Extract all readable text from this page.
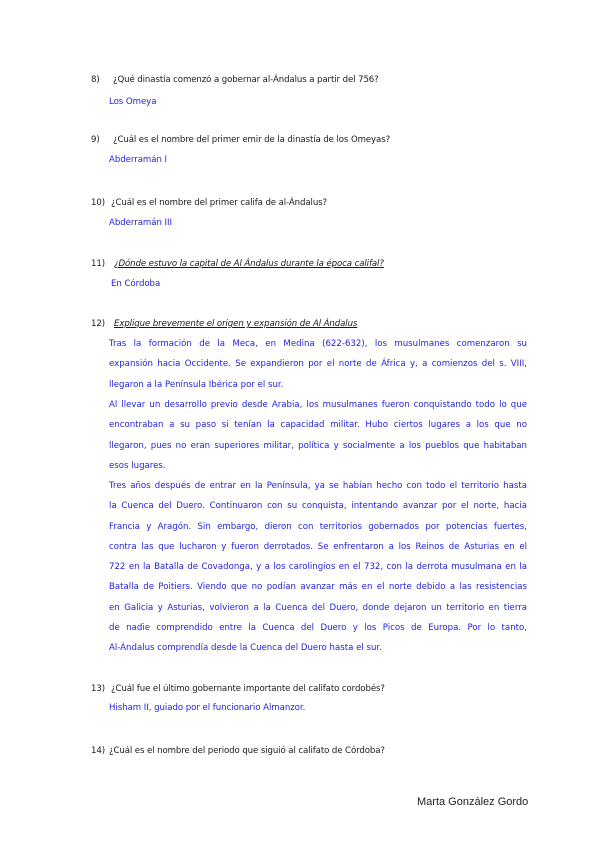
8) ¿Qué dinastía comenzó a gobernar al-Ándalus a partir del 756?
Los Omeya
9) ¿Cuál es el nombre del primer emir de la dinastía de los Omeyas?
Abderramán I
10) ¿Cuál es el nombre del primer califa de al-Ándalus?
Abderramán III
11) ¿Dónde estuvo la capital de Al Ándalus durante la época califal?
En Córdoba
12) Explique brevemente el origen y expansión de Al Ándalus
Tras la formación de la Meca, en Medina (622-632), los musulmanes comenzaron su
expansión hacia Occidente. Se expandieron por el norte de África y, a comienzos del s. VIII,
llegaron a la Península Ibérica por el sur.
Al llevar un desarrollo previo desde Arabia, los musulmanes fueron conquistando todo lo que
encontraban a su paso si tenían la capacidad militar. Hubo ciertos lugares a los que no
llegaron, pues no eran superiores militar, política y socialmente a los pueblos que habitaban
esos lugares.
Tres años después de entrar en la Península, ya se habían hecho con todo el territorio hasta
la Cuenca del Duero. Continuaron con su conquista, intentando avanzar por el norte, hacia
Francia y Aragón. Sin embargo, dieron con territorios gobernados por potencias fuertes,
contra las que lucharon y fueron derrotados. Se enfrentaron a los Reinos de Asturias en el
722 en la Batalla de Covadonga, y a los carolingios en el 732, con la derrota musulmana en la
Batalla de Poitiers. Viendo que no podían avanzar más en el norte debido a las resistencias
en Galicia y Asturias, volvieron a la Cuenca del Duero, donde dejaron un territorio en tierra
de nadie comprendido entre la Cuenca del Duero y los Picos de Europa. Por lo tanto,
Al-Ándalus comprendía desde la Cuenca del Duero hasta el sur.
13) ¿Cuál fue el último gobernante importante del califato cordobés?
Hisham II, guiado por el funcionario Almanzor.
14) ¿Cuál es el nombre del periodo que siguió al califato de Córdoba?
Marta González Gordo
